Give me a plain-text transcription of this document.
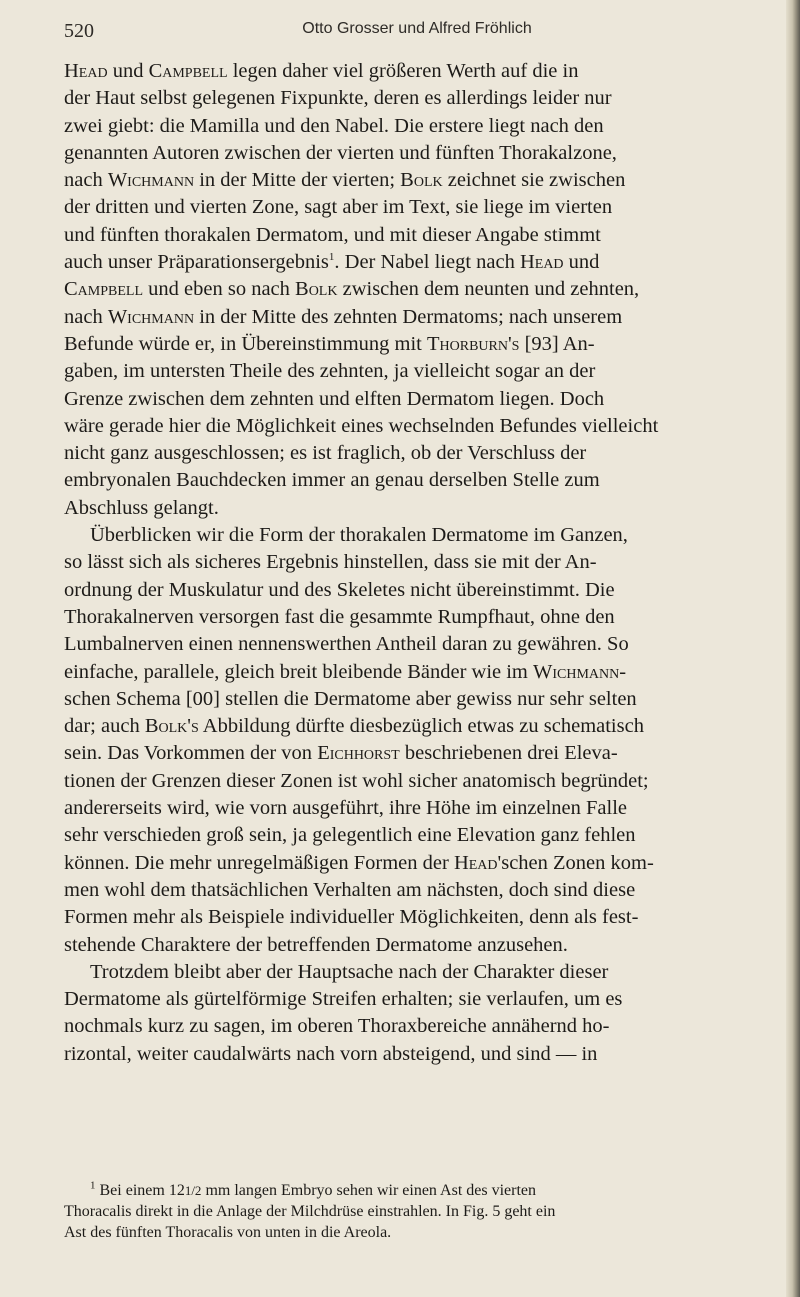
520	Otto Grosser und Alfred Fröhlich
Head und Campbell legen daher viel größeren Werth auf die in
der Haut selbst gelegenen Fixpunkte, deren es allerdings leider nur
zwei giebt: die Mamilla und den Nabel. Die erstere liegt nach den
genannten Autoren zwischen der vierten und fünften Thorakalzone,
nach Wichmann in der Mitte der vierten; Bolk zeichnet sie zwischen
der dritten und vierten Zone, sagt aber im Text, sie liege im vierten
und fünften thorakalen Dermatom, und mit dieser Angabe stimmt
auch unser Präparationsergebnis$^1$. Der Nabel liegt nach Head und
Campbell und eben so nach Bolk zwischen dem neunten und zehnten,
nach Wichmann in der Mitte des zehnten Dermatoms; nach unserem
Befunde würde er, in Übereinstimmung mit Thorburn's [93] An-
gaben, im untersten Theile des zehnten, ja vielleicht sogar an der
Grenze zwischen dem zehnten und elften Dermatom liegen. Doch
wäre gerade hier die Möglichkeit eines wechselnden Befundes vielleicht
nicht ganz ausgeschlossen; es ist fraglich, ob der Verschluss der
embryonalen Bauchdecken immer an genau derselben Stelle zum
Abschluss gelangt.
Überblicken wir die Form der thorakalen Dermatome im Ganzen,
so lässt sich als sicheres Ergebnis hinstellen, dass sie mit der An-
ordnung der Muskulatur und des Skeletes nicht übereinstimmt. Die
Thorakalnerven versorgen fast die gesammte Rumpfhaut, ohne den
Lumbalnerven einen nennenswerthen Antheil daran zu gewähren. So
einfache, parallele, gleich breit bleibende Bänder wie im Wichmann-
schen Schema [00] stellen die Dermatome aber gewiss nur sehr selten
dar; auch Bolk's Abbildung dürfte diesbezüglich etwas zu schematisch
sein. Das Vorkommen der von Eichhorst beschriebenen drei Eleva-
tionen der Grenzen dieser Zonen ist wohl sicher anatomisch begründet;
andererseits wird, wie vorn ausgeführt, ihre Höhe im einzelnen Falle
sehr verschieden groß sein, ja gelegentlich eine Elevation ganz fehlen
können. Die mehr unregelmäßigen Formen der Head'schen Zonen kom-
men wohl dem thatsächlichen Verhalten am nächsten, doch sind diese
Formen mehr als Beispiele individueller Möglichkeiten, denn als fest-
stehende Charaktere der betreffenden Dermatome anzusehen.
Trotzdem bleibt aber der Hauptsache nach der Charakter dieser
Dermatome als gürtelförmige Streifen erhalten; sie verlaufen, um es
nochmals kurz zu sagen, im oberen Thoraxbereiche annähernd ho-
rizontal, weiter caudalwärts nach vorn absteigend, und sind — in
$^1$ Bei einem 121/2 mm langen Embryo sehen wir einen Ast des vierten
Thoracalis direkt in die Anlage der Milchdrüse einstrahlen. In Fig. 5 geht ein
Ast des fünften Thoracalis von unten in die Areola.
